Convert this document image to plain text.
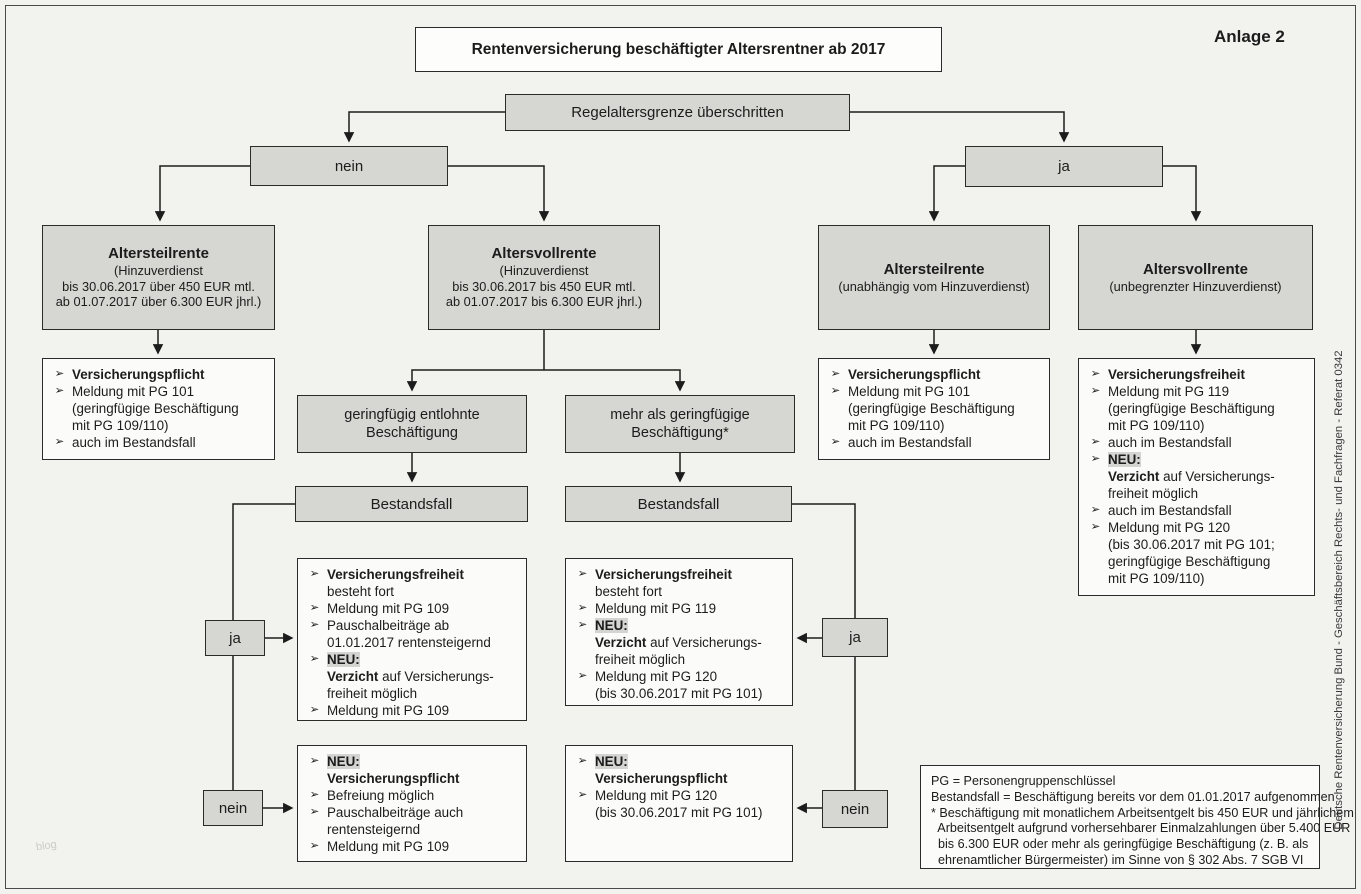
Rentenversicherung beschäftigter Altersrentner ab 2017
Anlage 2
Regelaltersgrenze überschritten
nein	ja
Altersteilrente
(Hinzuverdienst
bis 30.06.2017 über 450 EUR mtl.
ab 01.07.2017 über 6.300 EUR jhrl.)
Altersvollrente
(Hinzuverdienst
bis 30.06.2017 bis 450 EUR mtl.
ab 01.07.2017 bis 6.300 EUR jhrl.)
Altersteilrente
(unabhängig vom Hinzuverdienst)
Altersvollrente
(unbegrenzter Hinzuverdienst)
➢ Versicherungspflicht
➢ Meldung mit PG 101
(geringfügige Beschäftigung
mit PG 109/110)
➢ auch im Bestandsfall
➢ Versicherungspflicht
➢ Meldung mit PG 101
(geringfügige Beschäftigung
mit PG 109/110)
➢ auch im Bestandsfall
➢ Versicherungsfreiheit
➢ Meldung mit PG 119
(geringfügige Beschäftigung
mit PG 109/110)
➢ auch im Bestandsfall
➢ NEU:
Verzicht auf Versicherungs-
freiheit möglich
➢ auch im Bestandsfall
➢ Meldung mit PG 120
(bis 30.06.2017 mit PG 101;
geringfügige Beschäftigung
mit PG 109/110)
geringfügig entlohnte
Beschäftigung
mehr als geringfügige
Beschäftigung*
Bestandsfall	Bestandsfall
ja
nein
ja
nein
➢ Versicherungsfreiheit
besteht fort
➢ Meldung mit PG 109
➢ Pauschalbeiträge ab
01.01.2017 rentensteigernd
➢ NEU:
Verzicht auf Versicherungs-
freiheit möglich
➢ Meldung mit PG 109
➢ NEU:
Versicherungspflicht
➢ Befreiung möglich
➢ Pauschalbeiträge auch
rentensteigernd
➢ Meldung mit PG 109
➢ Versicherungsfreiheit
besteht fort
➢ Meldung mit PG 119
➢ NEU:
Verzicht auf Versicherungs-
freiheit möglich
➢ Meldung mit PG 120
(bis 30.06.2017 mit PG 101)
➢ NEU:
Versicherungspflicht
➢ Meldung mit PG 120
(bis 30.06.2017 mit PG 101)
PG = Personengruppenschlüssel
Bestandsfall = Beschäftigung bereits vor dem 01.01.2017 aufgenommen
* Beschäftigung mit monatlichem Arbeitsentgelt bis 450 EUR und jährlichem
Arbeitsentgelt aufgrund vorhersehbarer Einmalzahlungen über 5.400 EUR
bis 6.300 EUR oder mehr als geringfügige Beschäftigung (z. B. als
ehrenamtlicher Bürgermeister) im Sinne von § 302 Abs. 7 SGB VI
Deutsche Rentenversicherung Bund - Geschäftsbereich Rechts- und Fachfragen - Referat 0342
blog
